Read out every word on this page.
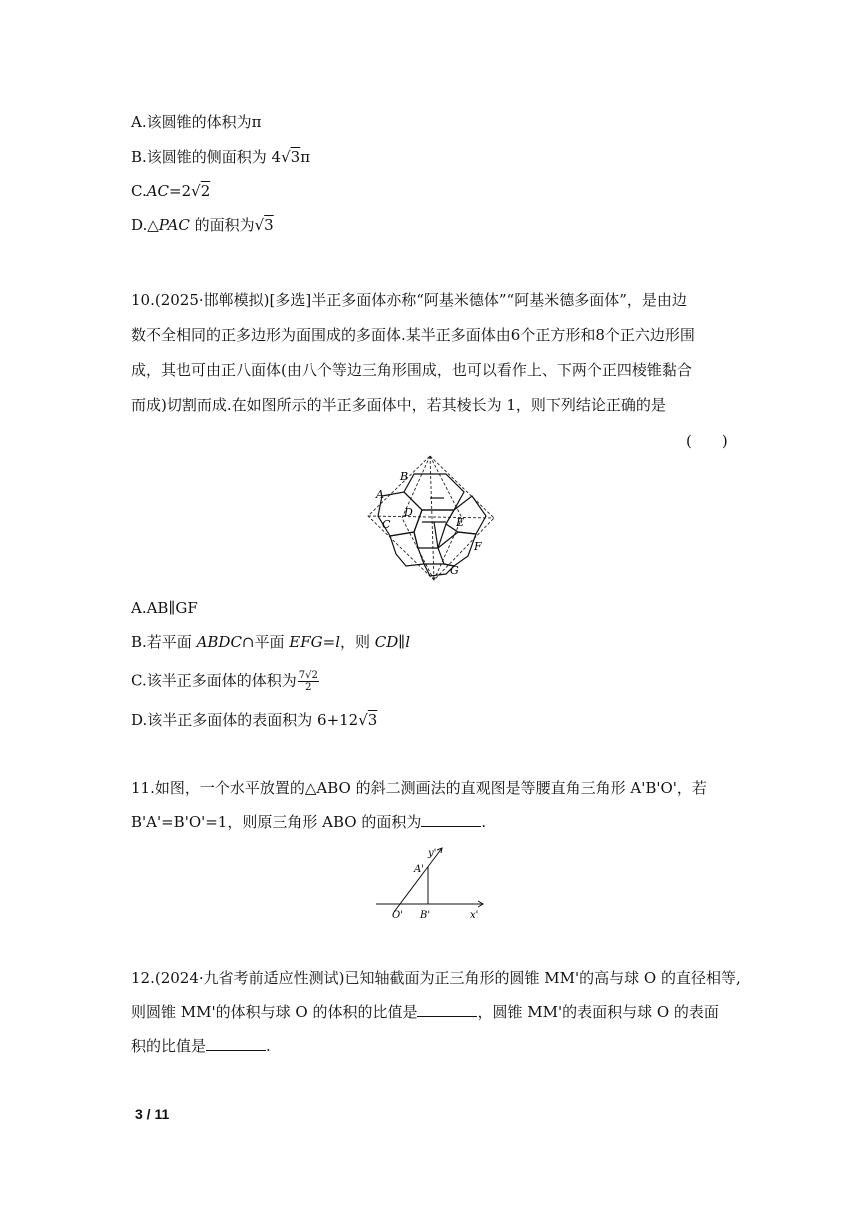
A.该圆锥的体积为π
B.该圆锥的侧面积为 4√3π
C.AC=2√2
D.△PAC 的面积为√3
10.(2025·邯郸模拟)[多选]半正多面体亦称“阿基米德体”“阿基米德多面体”，是由边
数不全相同的正多边形为面围成的多面体.某半正多面体由6个正方形和8个正六边形围
成，其也可由正八面体(由八个等边三角形围成，也可以看作上、下两个正四棱锥黏合
而成)切割而成.在如图所示的半正多面体中，若其棱长为 1，则下列结论正确的是
(　　)
B
A
C
D
E
F
G
A.AB∥GF
B.若平面 ABDC∩平面 EFG=l，则 CD∥l
C.该半正多面体的体积为 $\frac{7√2}{2}$
D.该半正多面体的表面积为 6+12√3
11.如图，一个水平放置的△ABO 的斜二测画法的直观图是等腰直角三角形 A'B'O'，若
B'A'=B'O'=1，则原三角形 ABO 的面积为	.
y'
A'
O' B'	x'
12.(2024·九省考前适应性测试)已知轴截面为正三角形的圆锥 MM'的高与球 O 的直径相等,
则圆锥 MM'的体积与球 O 的体积的比值是	，圆锥 MM'的表面积与球 O 的表面
积的比值是	.
3 / 11
